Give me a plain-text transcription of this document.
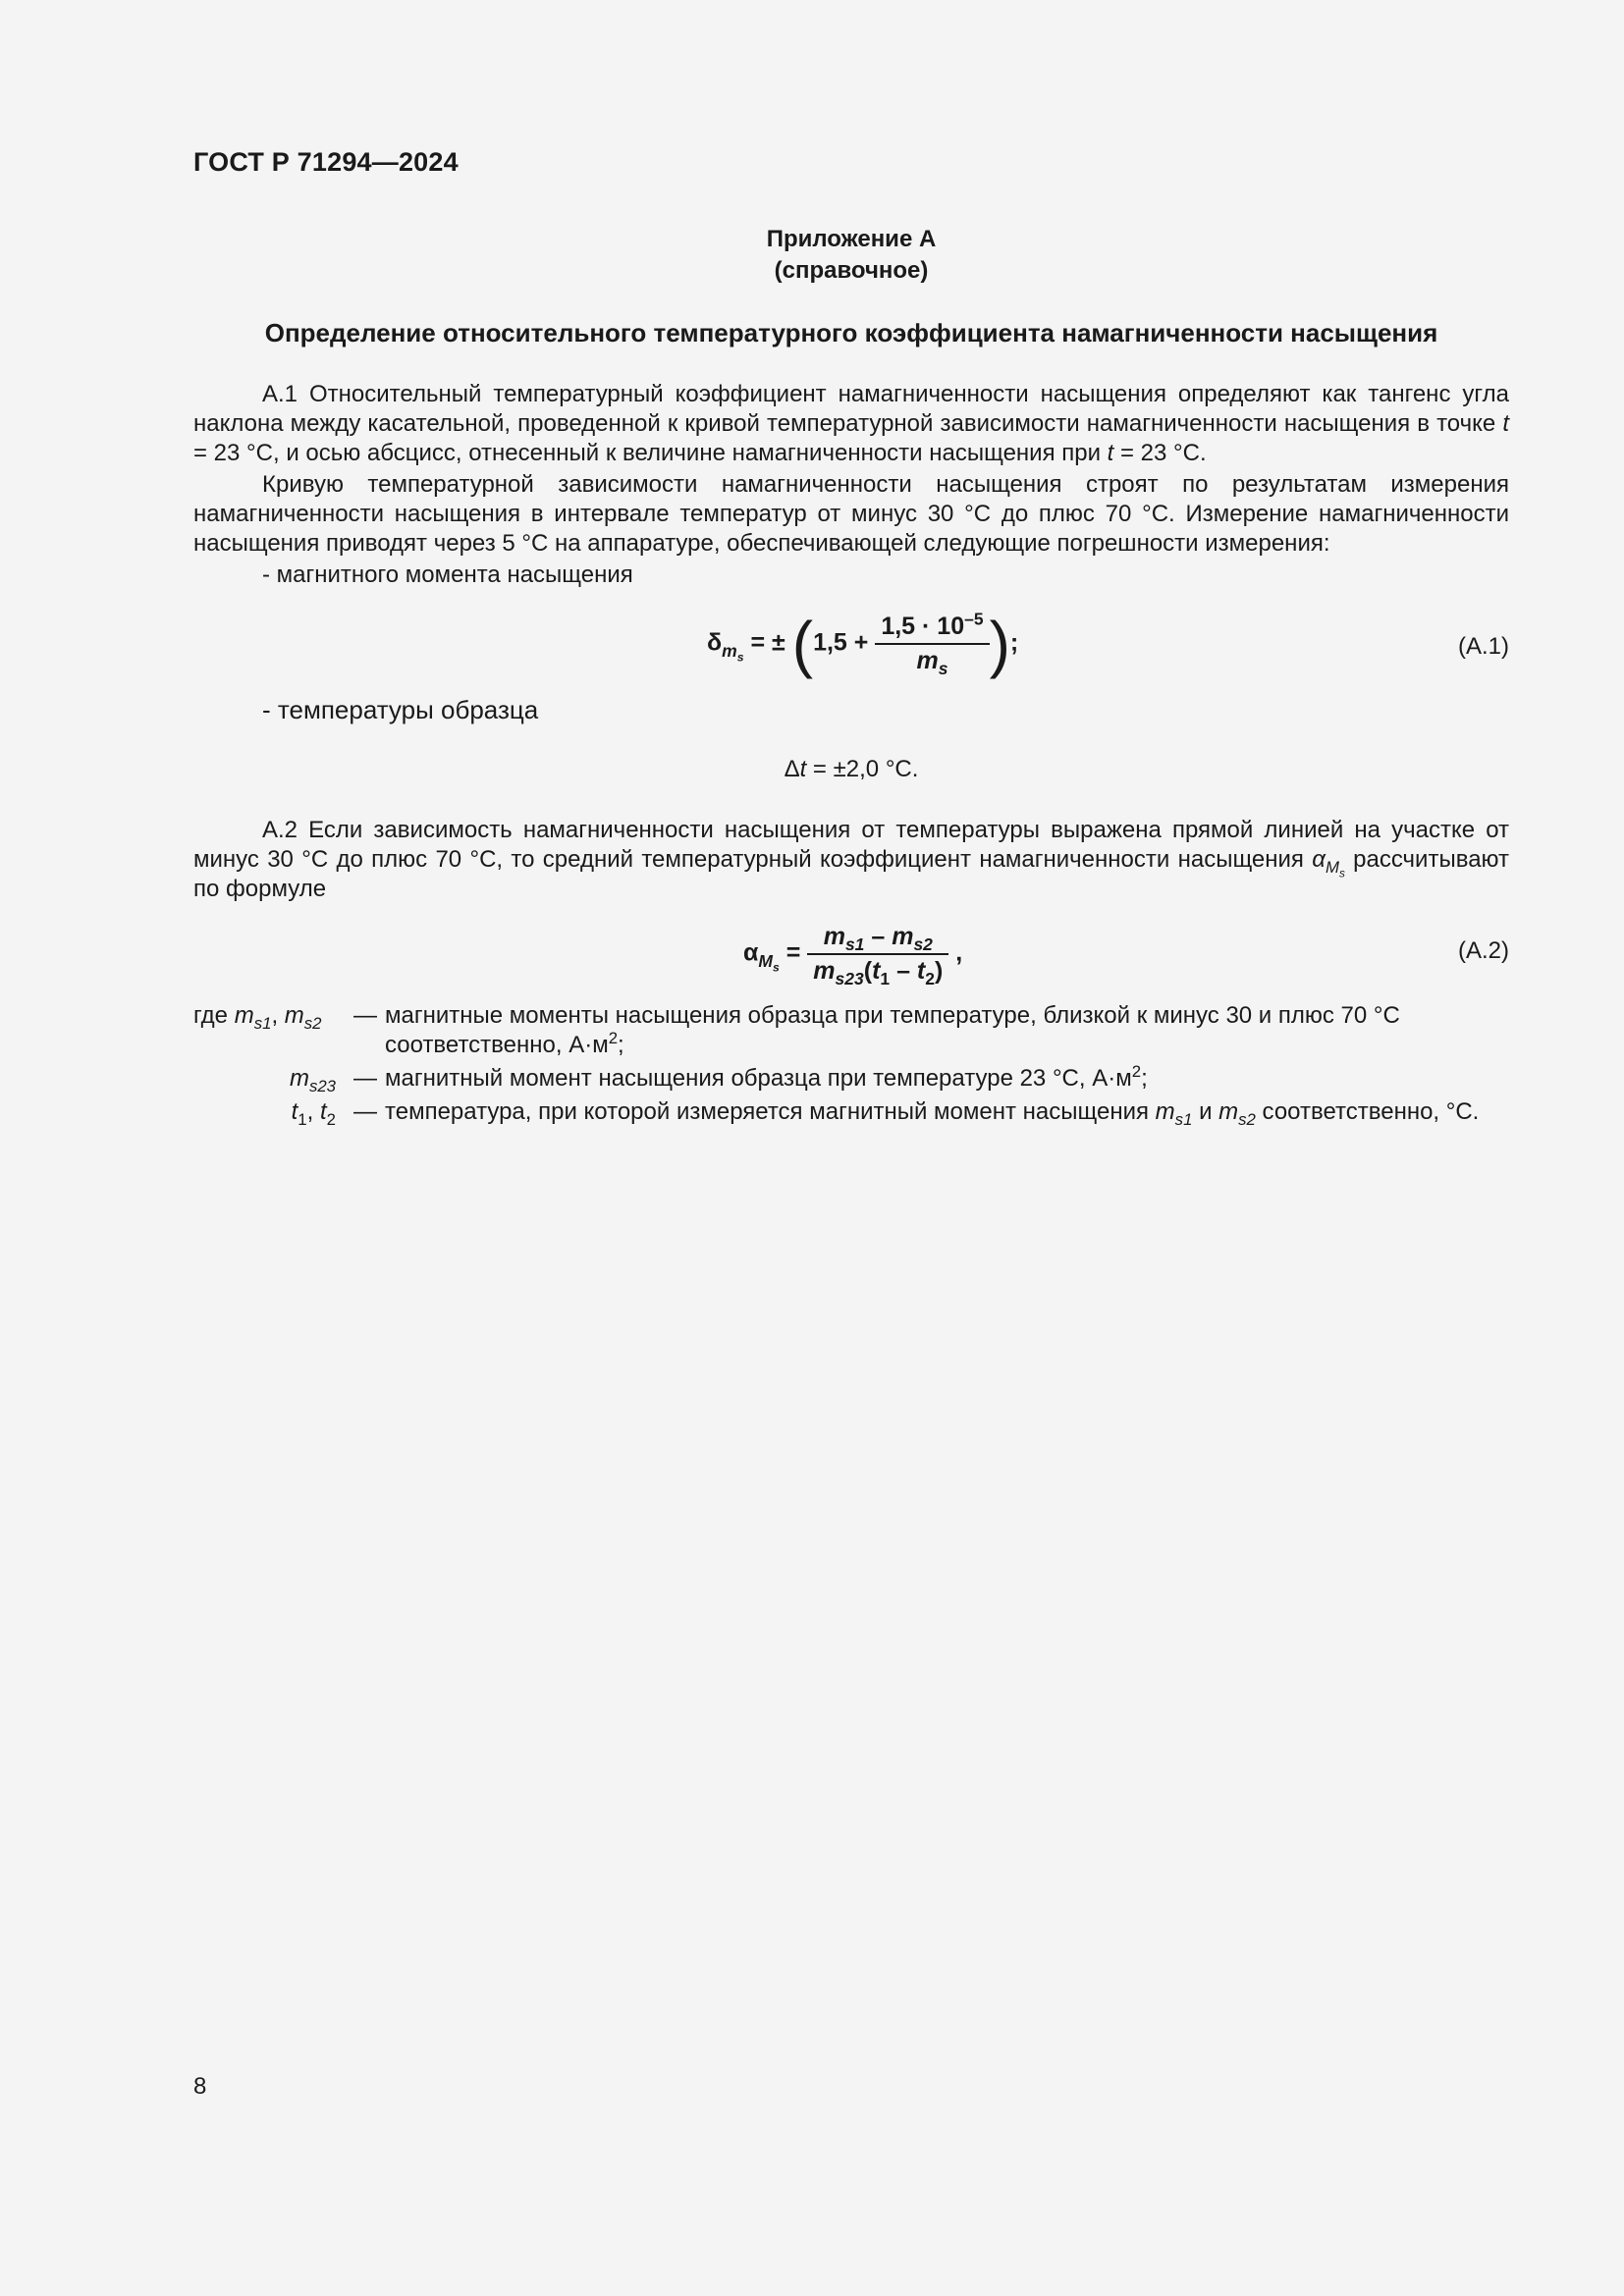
ГОСТ Р 71294—2024
Приложение А
(справочное)
Определение относительного температурного коэффициента намагниченности насыщения
А.1 Относительный температурный коэффициент намагниченности насыщения определяют как тангенс угла наклона между касательной, проведенной к кривой температурной зависимости намагниченности насыщения в точке t = 23 °С, и осью абсцисс, отнесенный к величине намагниченности насыщения при t = 23 °С.
Кривую температурной зависимости намагниченности насыщения строят по результатам измерения намагниченности насыщения в интервале температур от минус 30 °С до плюс 70 °С. Измерение намагниченности насыщения приводят через 5 °С на аппаратуре, обеспечивающей следующие погрешности измерения:
- магнитного момента насыщения
$\delta_{m_s}$ = ± ($1,5 + \frac{1,5 \cdot 10^{-5}}{m_s}$ );	(А.1)
- температуры образца
Δt = ±2,0 °С.
А.2 Если зависимость намагниченности насыщения от температуры выражена прямой линией на участке от минус 30 °С до плюс 70 °С, то средний температурный коэффициент намагниченности насыщения $\alpha_{M_s}$ рассчитывают по формуле
$\alpha_{M_s} = \frac{m_{s1} - m_{s2}}{m_{s23}(t_1 - t_2)}$ ,	(А.2)
где $m_{s1}$, $m_{s2}$	— магнитные моменты насыщения образца при температуре, близкой к минус 30 и плюс 70 °С соответственно, $А\cdot м^2$;
$m_{s23}$ — магнитный момент насыщения образца при температуре 23 °С, $А\cdot м^2$;
$t_1$, $t_2$ — температура, при которой измеряется магнитный момент насыщения $m_{s1}$ и $m_{s2}$ соответственно, °С.
8
